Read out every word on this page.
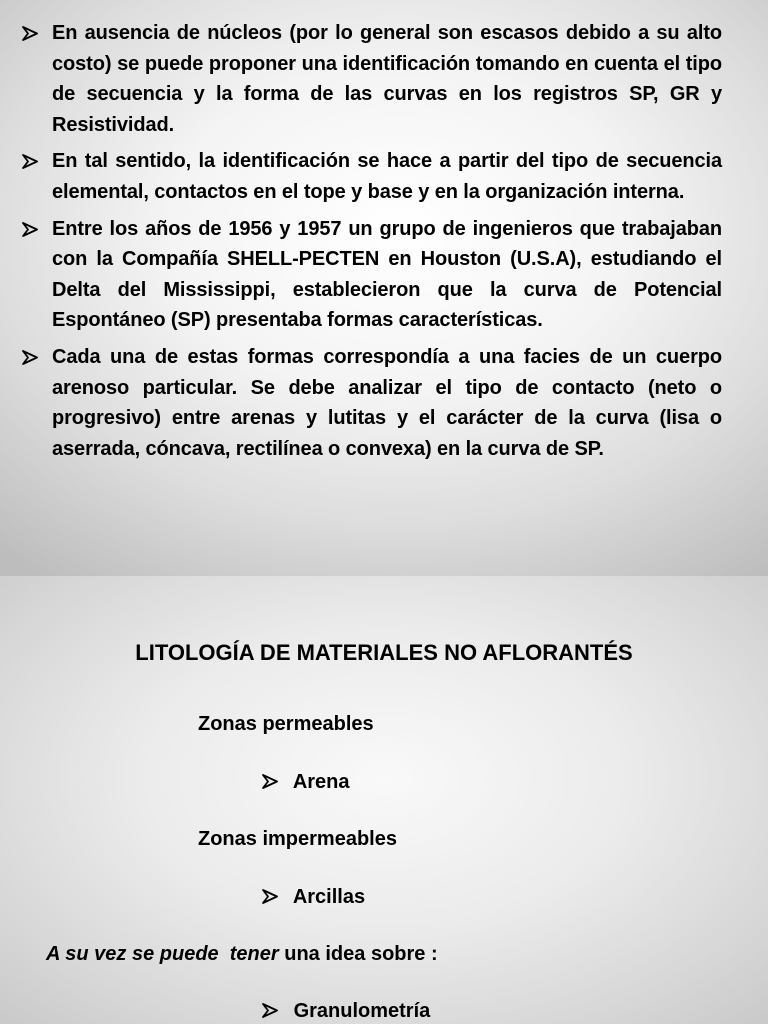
En ausencia de núcleos (por lo general son escasos debido a su alto costo) se puede proponer una identificación tomando en cuenta el tipo de secuencia y la forma de las curvas en los registros SP, GR y Resistividad.
En tal sentido, la identificación se hace a partir del tipo de secuencia elemental, contactos en el tope y base y en la organización interna.
Entre los años de 1956 y 1957 un grupo de ingenieros que trabajaban con la Compañía SHELL-PECTEN en Houston (U.S.A), estudiando el Delta del Mississippi, establecieron que la curva de Potencial Espontáneo (SP) presentaba formas características.
Cada una de estas formas correspondía a una facies de un cuerpo arenoso particular. Se debe analizar el tipo de contacto (neto o progresivo) entre arenas y lutitas y el carácter de la curva (lisa o aserrada, cóncava, rectilínea o convexa) en la curva de SP.
LITOLOGÍA DE MATERIALES NO AFLORANTÉS
Zonas permeables
Arena
Zonas impermeables
Arcillas
A su vez se puede  tener una idea sobre :
Granulometría
